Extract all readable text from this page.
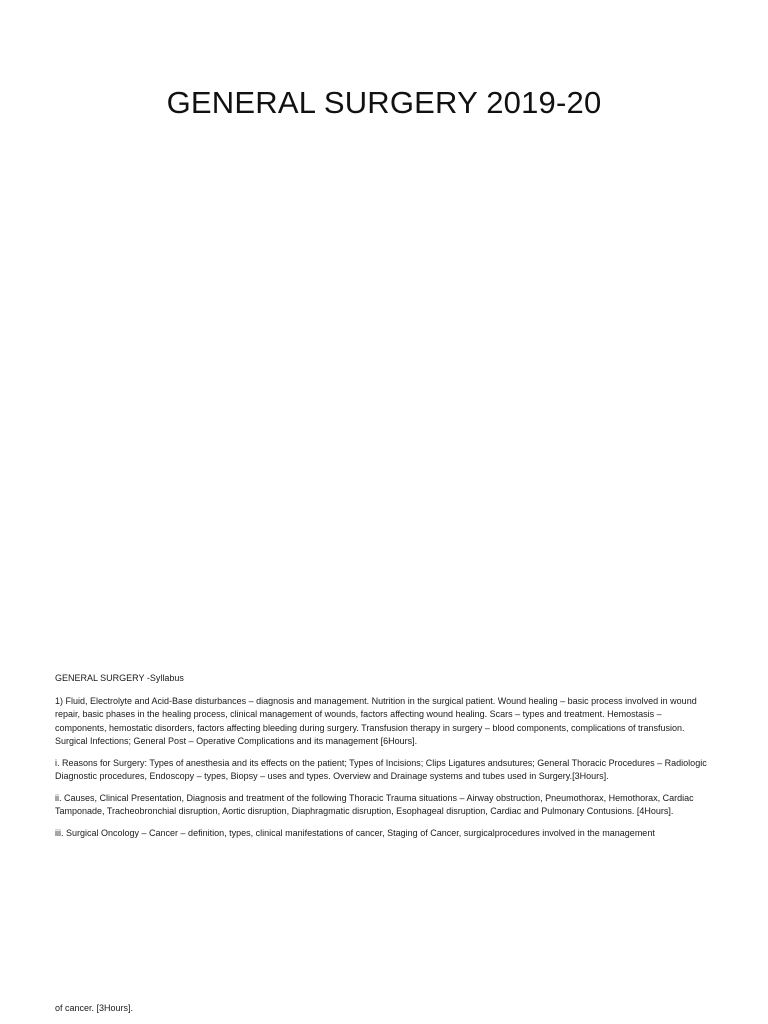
GENERAL SURGERY 2019-20

GENERAL SURGERY -Syllabus

1) Fluid, Electrolyte and Acid-Base disturbances – diagnosis and management. Nutrition in the surgical patient. Wound healing – basic process involved in wound repair, basic phases in the healing process, clinical management of wounds, factors affecting wound healing. Scars – types and treatment. Hemostasis – components, hemostatic disorders, factors affecting bleeding during surgery. Transfusion therapy in surgery – blood components, complications of transfusion. Surgical Infections; General Post – Operative Complications and its management [6Hours].

i. Reasons for Surgery: Types of anesthesia and its effects on the patient; Types of Incisions; Clips Ligatures andsutures; General Thoracic Procedures – Radiologic Diagnostic procedures, Endoscopy – types, Biopsy – uses and types. Overview and Drainage systems and tubes used in Surgery.[3Hours].

ii. Causes, Clinical Presentation, Diagnosis and treatment of the following Thoracic Trauma situations – Airway obstruction, Pneumothorax, Hemothorax, Cardiac Tamponade, Tracheobronchial disruption, Aortic disruption, Diaphragmatic disruption, Esophageal disruption, Cardiac and Pulmonary Contusions. [4Hours].

iii. Surgical Oncology – Cancer – definition, types, clinical manifestations of cancer, Staging of Cancer, surgicalprocedures involved in the management

of cancer. [3Hours].
